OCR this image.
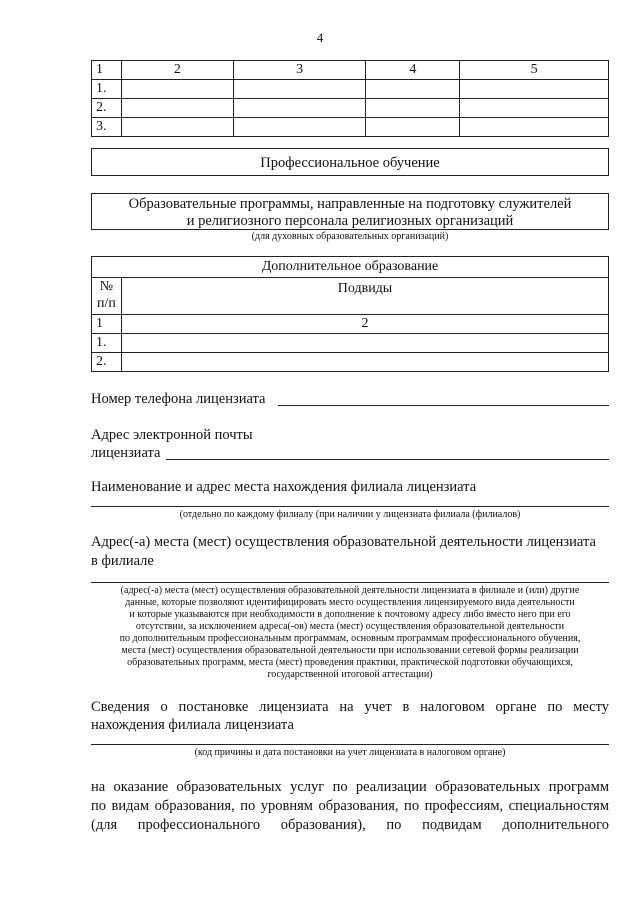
4
1	2	3	4	5
1.				
2.				
3.				
Профессиональное обучение
Образовательные программы, направленные на подготовку служителей
и религиозного персонала религиозных организаций
(для духовных образовательных организаций)
Дополнительное образование	

№
п/п	Подвиды
1	2
1.	
2.	
Номер телефона лицензиата
Адрес электронной почты
лицензиата
Наименование и адрес места нахождения филиала лицензиата
(отдельно по каждому филиалу (при наличии у лицензиата филиала (филиалов)
Адрес(-а) места (мест) осуществления образовательной деятельности лицензиата
в филиале
(адрес(-а) места (мест) осуществления образовательной деятельности лицензиата в филиале и (или) другие
данные, которые позволяют идентифицировать место осуществления лицензируемого вида деятельности
и которые указываются при необходимости в дополнение к почтовому адресу либо вместо него при его
отсутствии, за исключением адреса(-ов) места (мест) осуществления образовательной деятельности
по дополнительным профессиональным программам, основным программам профессионального обучения,
места (мест) осуществления образовательной деятельности при использовании сетевой формы реализации
образовательных программ, места (мест) проведения практики, практической подготовки обучающихся,
государственной итоговой аттестации)
Сведения о постановке лицензиата на учет в налоговом органе по месту
нахождения филиала лицензиата
(код причины и дата постановки на учет лицензиата в налоговом органе)
на оказание образовательных услуг по реализации образовательных программ
по видам образования, по уровням образования, по профессиям, специальностям
(для профессионального образования), по подвидам дополнительного
